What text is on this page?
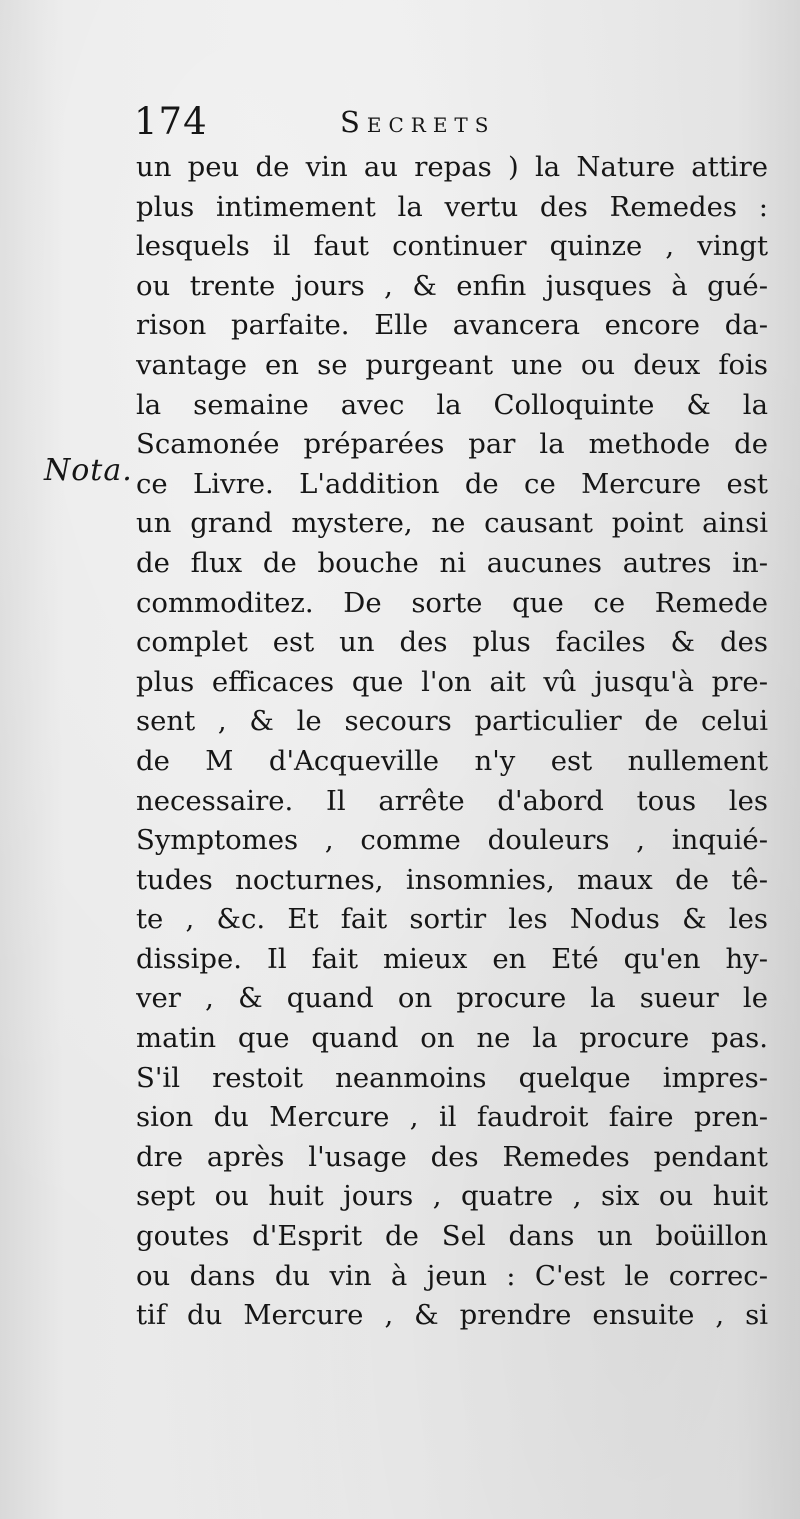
174	Secrets
Nota.
un peu de vin au repas ) la Nature attire
plus intimement la vertu des Remedes :
lesquels il faut continuer quinze , vingt
ou trente jours , & enfin jusques à gué-
rison parfaite. Elle avancera encore da-
vantage en se purgeant une ou deux fois
la semaine avec la Colloquinte & la
Scamonée préparées par la methode de
ce Livre. L'addition de ce Mercure est
un grand mystere, ne causant point ainsi
de flux de bouche ni aucunes autres in-
commoditez. De sorte que ce Remede
complet est un des plus faciles & des
plus efficaces que l'on ait vû jusqu'à pre-
sent , & le secours particulier de celui
de M d'Acqueville n'y est nullement
necessaire. Il arrête d'abord tous les
Symptomes , comme douleurs , inquié-
tudes nocturnes, insomnies, maux de tê-
te , &c. Et fait sortir les Nodus & les
dissipe. Il fait mieux en Eté qu'en hy-
ver , & quand on procure la sueur le
matin que quand on ne la procure pas.
S'il restoit neanmoins quelque impres-
sion du Mercure , il faudroit faire pren-
dre après l'usage des Remedes pendant
sept ou huit jours , quatre , six ou huit
goutes d'Esprit de Sel dans un boüillon
ou dans du vin à jeun : C'est le correc-
tif du Mercure , & prendre ensuite , si
